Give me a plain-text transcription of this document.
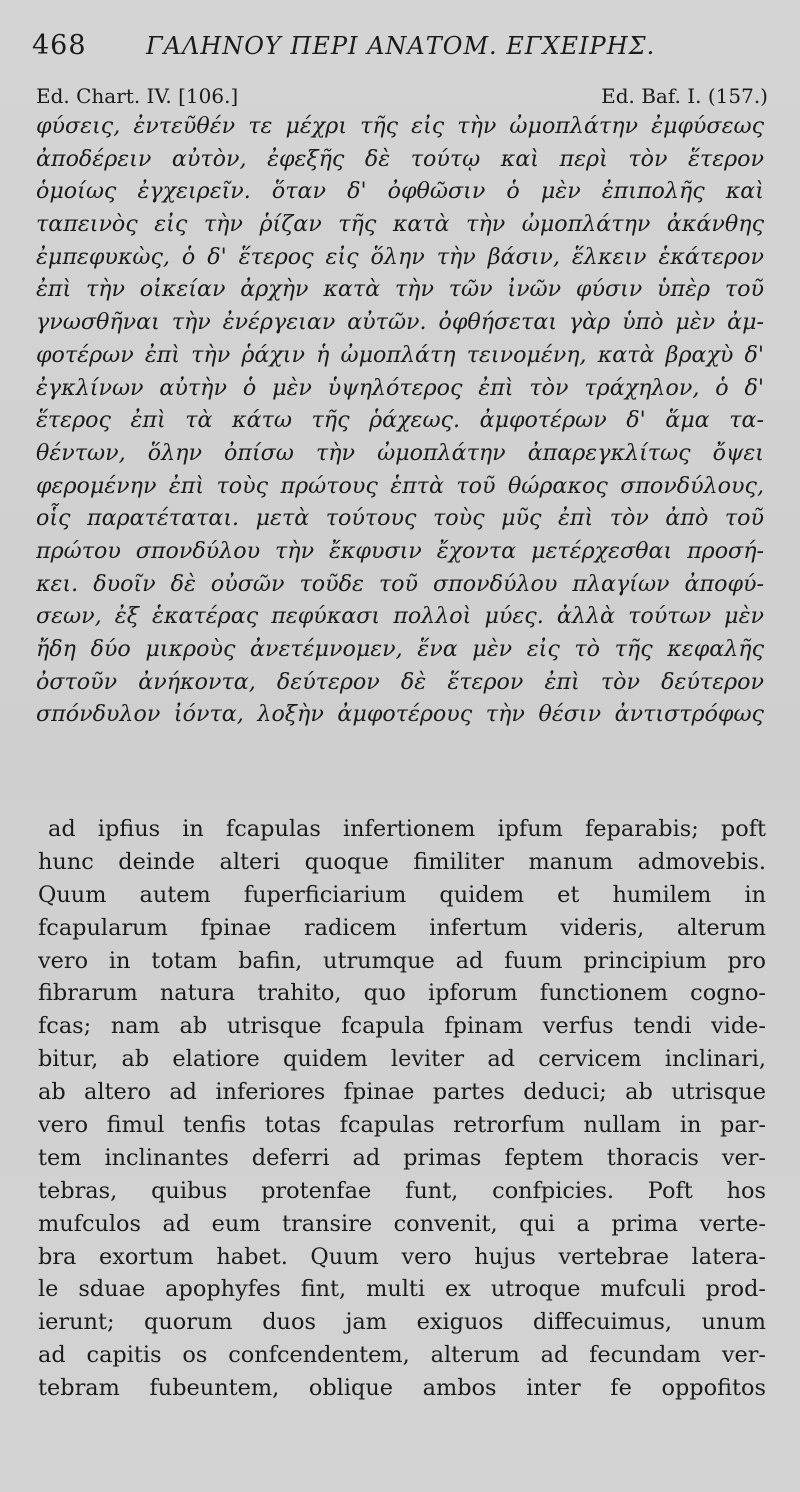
468 ΓΑΛΗΝΟΥ ΠΕΡΙ ΑΝΑΤΟΜ. ΕΓΧΕΙΡΗΣ.
Ed. Chart. IV. [106.]	Ed. Baf. I. (157.)
φύσεις, ἐντεῦθέν τε μέχρι τῆς εἰς τὴν ὠμοπλάτην ἐμφύσεως
ἀποδέρειν αὐτὸν, ἐφεξῆς δὲ τούτῳ καὶ περὶ τὸν ἕτερον
ὁμοίως ἐγχειρεῖν. ὅταν δ' ὀφθῶσιν ὁ μὲν ἐπιπολῆς καὶ
ταπεινὸς εἰς τὴν ῥίζαν τῆς κατὰ τὴν ὠμοπλάτην ἀκάνθης
ἐμπεφυκὼς, ὁ δ' ἕτερος εἰς ὅλην τὴν βάσιν, ἕλκειν ἑκάτερον
ἐπὶ τὴν οἰκείαν ἀρχὴν κατὰ τὴν τῶν ἰνῶν φύσιν ὑπὲρ τοῦ
γνωσθῆναι τὴν ἐνέργειαν αὐτῶν. ὀφθήσεται γὰρ ὑπὸ μὲν ἀμ-
φοτέρων ἐπὶ τὴν ῥάχιν ἡ ὠμοπλάτη τεινομένη, κατὰ βραχὺ δ'
ἐγκλίνων αὐτὴν ὁ μὲν ὑψηλότερος ἐπὶ τὸν τράχηλον, ὁ δ'
ἕτερος ἐπὶ τὰ κάτω τῆς ῥάχεως. ἀμφοτέρων δ' ἅμα τα-
θέντων, ὅλην ὀπίσω τὴν ὠμοπλάτην ἀπαρεγκλίτως ὄψει
φερομένην ἐπὶ τοὺς πρώτους ἑπτὰ τοῦ θώρακος σπονδύλους,
οἷς παρατέταται. μετὰ τούτους τοὺς μῦς ἐπὶ τὸν ἀπὸ τοῦ
πρώτου σπονδύλου τὴν ἔκφυσιν ἔχοντα μετέρχεσθαι προσή-
κει. δυοῖν δὲ οὐσῶν τοῦδε τοῦ σπονδύλου πλαγίων ἀποφύ-
σεων, ἐξ ἑκατέρας πεφύκασι πολλοὶ μύες. ἀλλὰ τούτων μὲν
ἤδη δύο μικροὺς ἀνετέμνομεν, ἕνα μὲν εἰς τὸ τῆς κεφαλῆς
ὀστοῦν ἀνήκοντα, δεύτερον δὲ ἕτερον ἐπὶ τὸν δεύτερον
σπόνδυλον ἰόντα, λοξὴν ἀμφοτέρους τὴν θέσιν ἀντιστρόφως
ad ipfius in fcapulas infertionem ipfum feparabis; poft
hunc deinde alteri quoque fimiliter manum admovebis.
Quum autem fuperficiarium quidem et humilem in
fcapularum fpinae radicem infertum videris, alterum
vero in totam bafin, utrumque ad fuum principium pro
fibrarum natura trahito, quo ipforum functionem cogno-
fcas; nam ab utrisque fcapula fpinam verfus tendi vide-
bitur, ab elatiore quidem leviter ad cervicem inclinari,
ab altero ad inferiores fpinae partes deduci; ab utrisque
vero fimul tenfis totas fcapulas retrorfum nullam in par-
tem inclinantes deferri ad primas feptem thoracis ver-
tebras, quibus protenfae funt, confpicies. Poft hos
mufculos ad eum transire convenit, qui a prima verte-
bra exortum habet. Quum vero hujus vertebrae latera-
le sduae apophyfes fint, multi ex utroque mufculi prod-
ierunt; quorum duos jam exiguos diffecuimus, unum
ad capitis os confcendentem, alterum ad fecundam ver-
tebram fubeuntem, oblique ambos inter fe oppofitos
